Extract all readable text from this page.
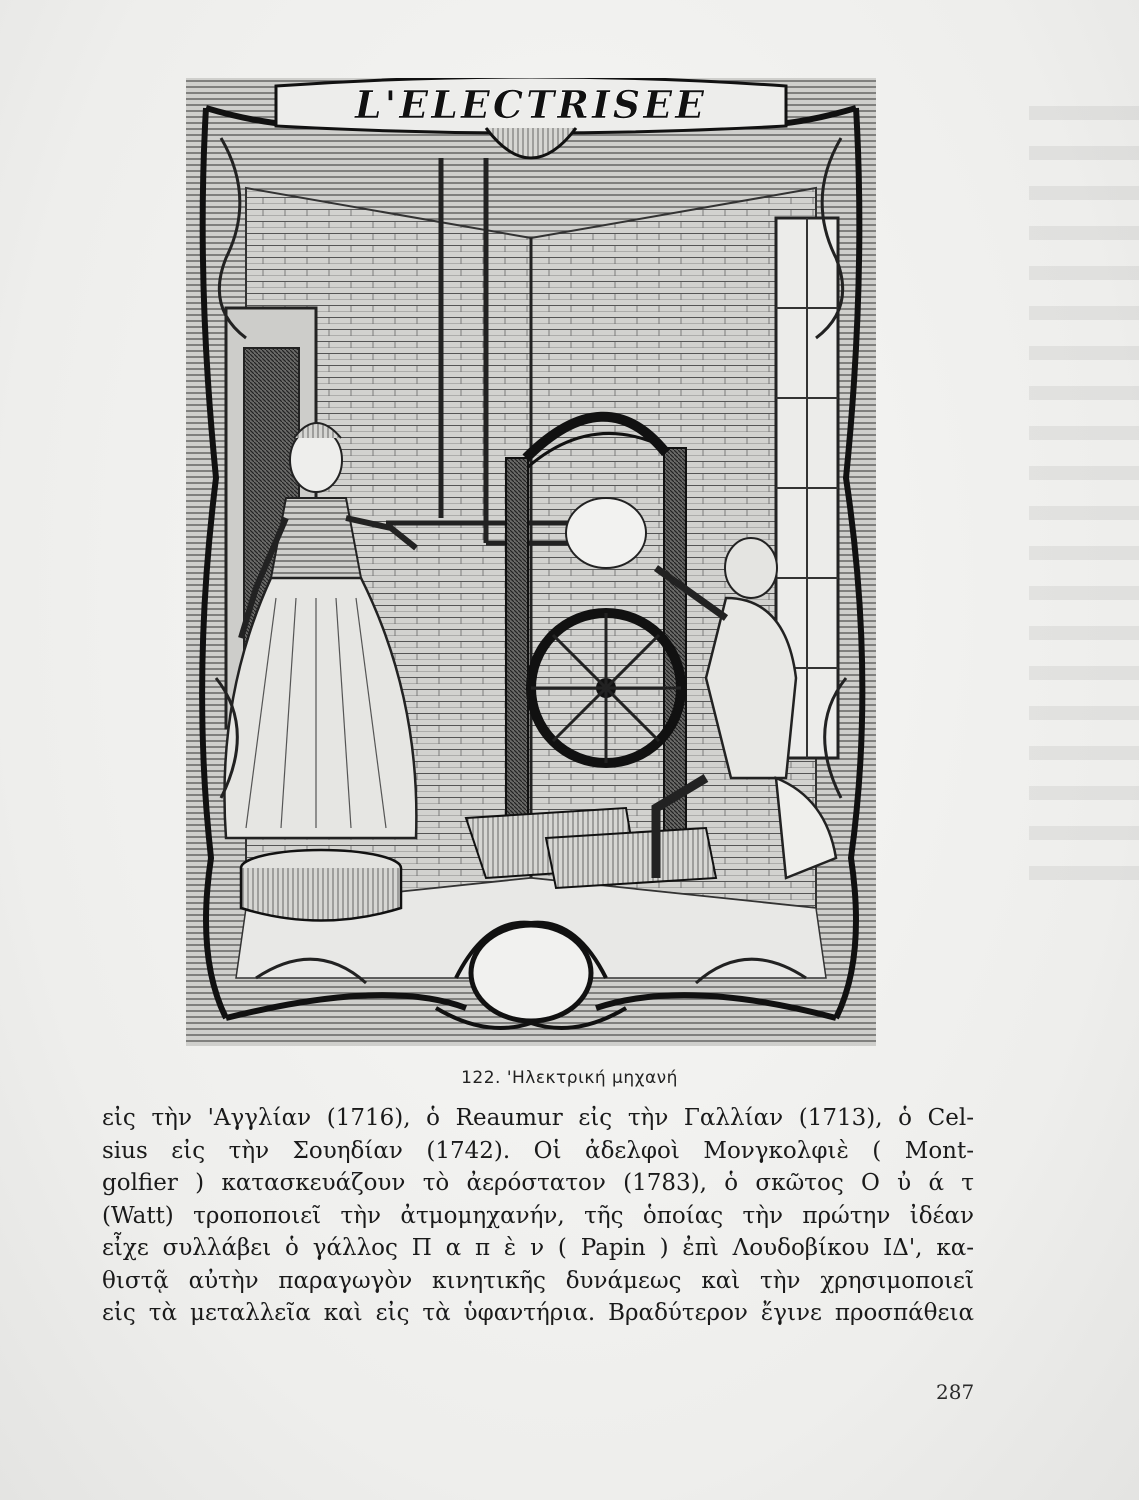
L'ELECTRISEE
122. 'Ηλεκτρική μηχανή
εἰς τὴν 'Αγγλίαν (1716), ὁ Reaumur εἰς τὴν Γαλλίαν (1713), ὁ Cel-
sius εἰς τὴν Σουηδίαν (1742). Οἱ ἀδελφοὶ Μονγκολφιὲ ( Mont-
golfier ) κατασκευάζουν τὸ ἀερόστατον (1783), ὁ σκῶτος Ο ὐ ά τ
(Watt) τροποποιεῖ τὴν ἀτμομηχανήν, τῆς ὁποίας τὴν πρώτην ἰδέαν
εἶχε συλλάβει ὁ γάλλος Π α π ὲ ν ( Papin ) ἐπὶ Λουδοβίκου ΙΔ', κα-
θιστᾷ αὐτὴν παραγωγὸν κινητικῆς δυνάμεως καὶ τὴν χρησιμοποιεῖ
εἰς τὰ μεταλλεῖα καὶ εἰς τὰ ὑφαντήρια. Βραδύτερον ἔγινε προσπάθεια
287
